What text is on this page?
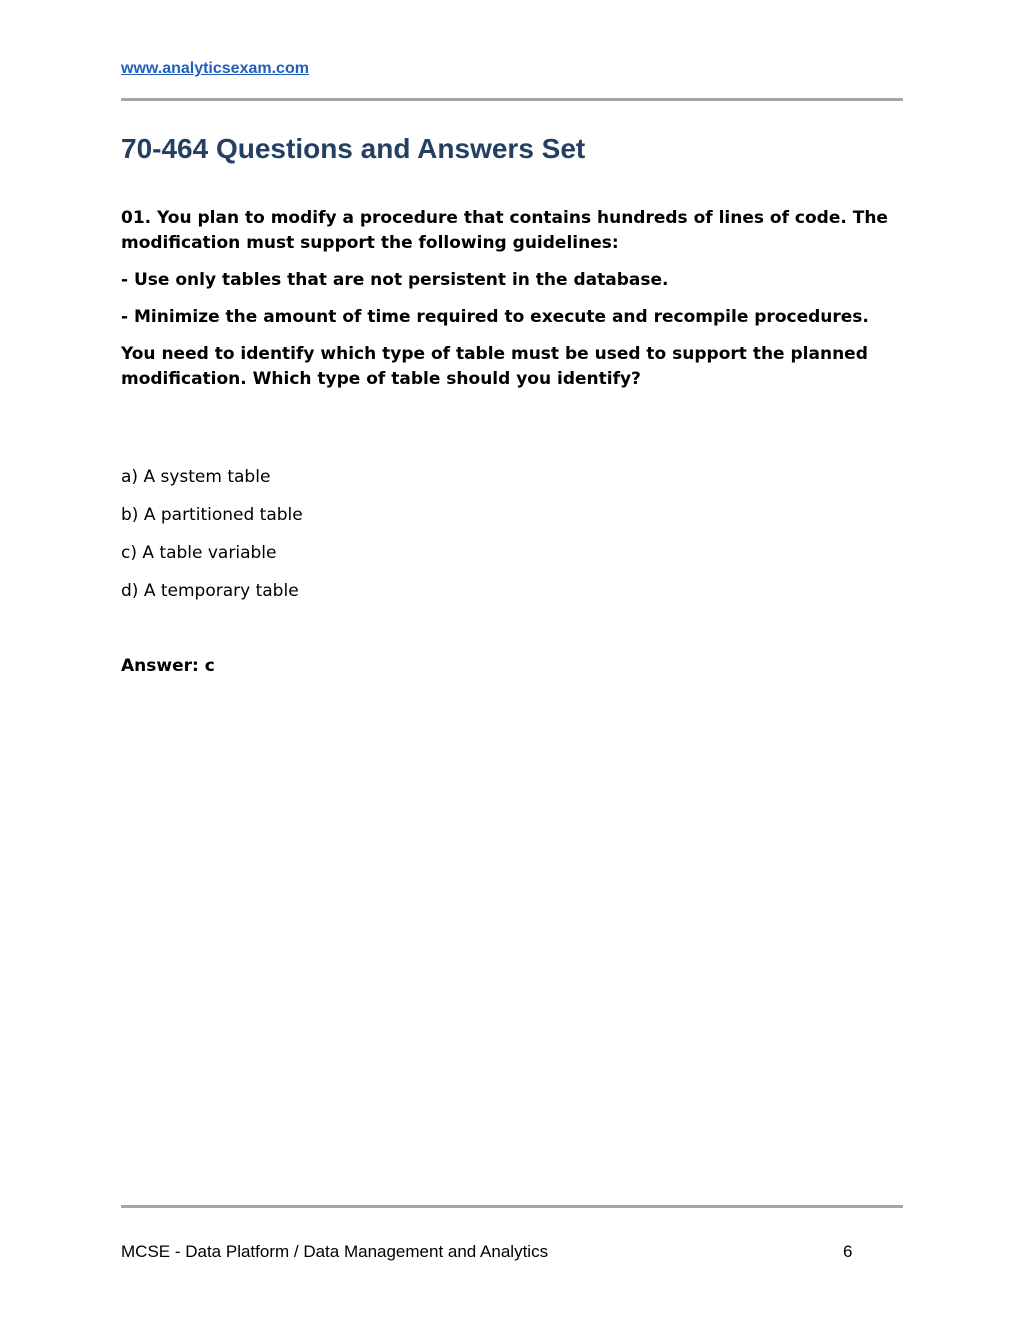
www.analyticsexam.com
70-464 Questions and Answers Set

01. You plan to modify a procedure that contains hundreds of lines of code. The modification must support the following guidelines:

- Use only tables that are not persistent in the database.

- Minimize the amount of time required to execute and recompile procedures.

You need to identify which type of table must be used to support the planned modification. Which type of table should you identify?

a) A system table
b) A partitioned table
c) A table variable
d) A temporary table
Answer: c
MCSE - Data Platform / Data Management and Analytics	6
